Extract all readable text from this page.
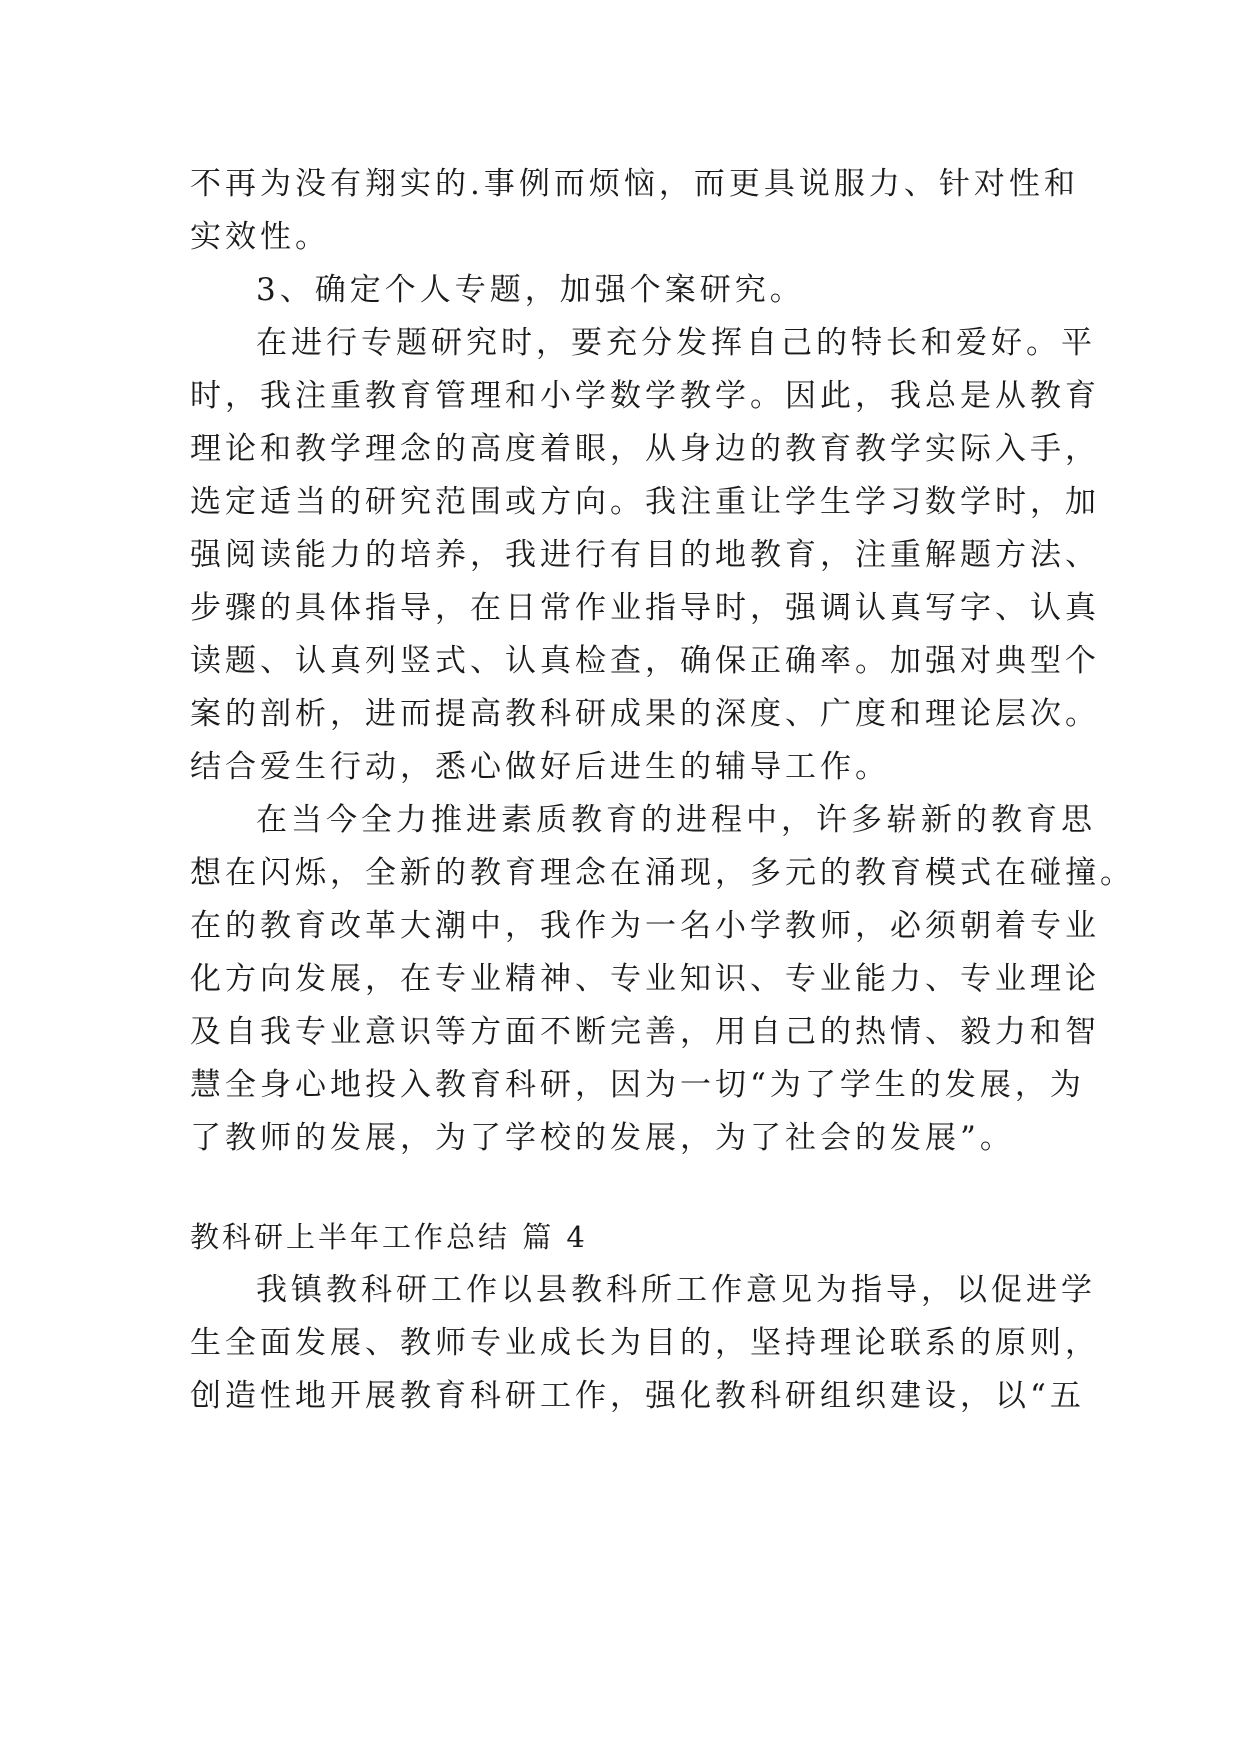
不再为没有翔实的.事例而烦恼，而更具说服力、针对性和
实效性。
3、确定个人专题，加强个案研究。
在进行专题研究时，要充分发挥自己的特长和爱好。平
时，我注重教育管理和小学数学教学。因此，我总是从教育
理论和教学理念的高度着眼，从身边的教育教学实际入手，
选定适当的研究范围或方向。我注重让学生学习数学时，加
强阅读能力的培养，我进行有目的地教育，注重解题方法、
步骤的具体指导，在日常作业指导时，强调认真写字、认真
读题、认真列竖式、认真检查，确保正确率。加强对典型个
案的剖析，进而提高教科研成果的深度、广度和理论层次。
结合爱生行动，悉心做好后进生的辅导工作。
在当今全力推进素质教育的进程中，许多崭新的教育思
想在闪烁，全新的教育理念在涌现，多元的教育模式在碰撞。
在的教育改革大潮中，我作为一名小学教师，必须朝着专业
化方向发展，在专业精神、专业知识、专业能力、专业理论
及自我专业意识等方面不断完善，用自己的热情、毅力和智
慧全身心地投入教育科研，因为一切“为了学生的发展，为
了教师的发展，为了学校的发展，为了社会的发展”。
教科研上半年工作总结 篇 4
我镇教科研工作以县教科所工作意见为指导，以促进学
生全面发展、教师专业成长为目的，坚持理论联系的原则，
创造性地开展教育科研工作，强化教科研组织建设，以“五
